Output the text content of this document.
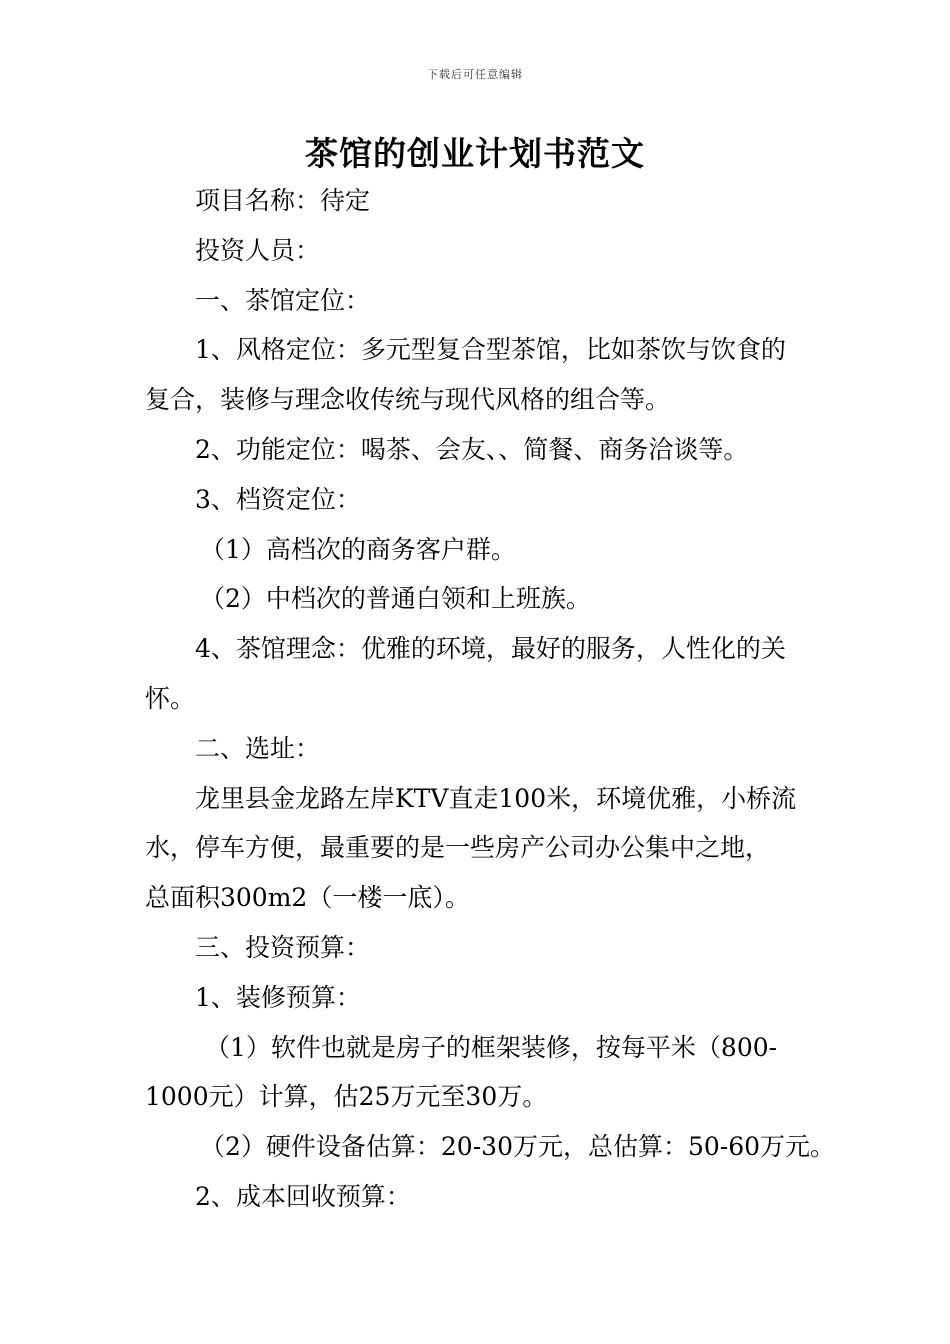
下载后可任意编辑
茶馆的创业计划书范文

项目名称：待定

投资人员：

一、茶馆定位：

1、风格定位：多元型复合型茶馆，比如茶饮与饮食的

复合，装修与理念收传统与现代风格的组合等。

2、功能定位：喝茶、会友、、简餐、商务洽谈等。

3、档资定位：

（1）高档次的商务客户群。

（2）中档次的普通白领和上班族。

4、茶馆理念：优雅的环境，最好的服务，人性化的关

怀。

二、选址：

龙里县金龙路左岸KTV直走100米，环境优雅，小桥流

水，停车方便，最重要的是一些房产公司办公集中之地，

总面积300m2（一楼一底）。

三、投资预算：

1、装修预算：

（1）软件也就是房子的框架装修，按每平米（800-

1000元）计算，估25万元至30万。

（2）硬件设备估算：20-30万元，总估算：50-60万元。

2、成本回收预算：
